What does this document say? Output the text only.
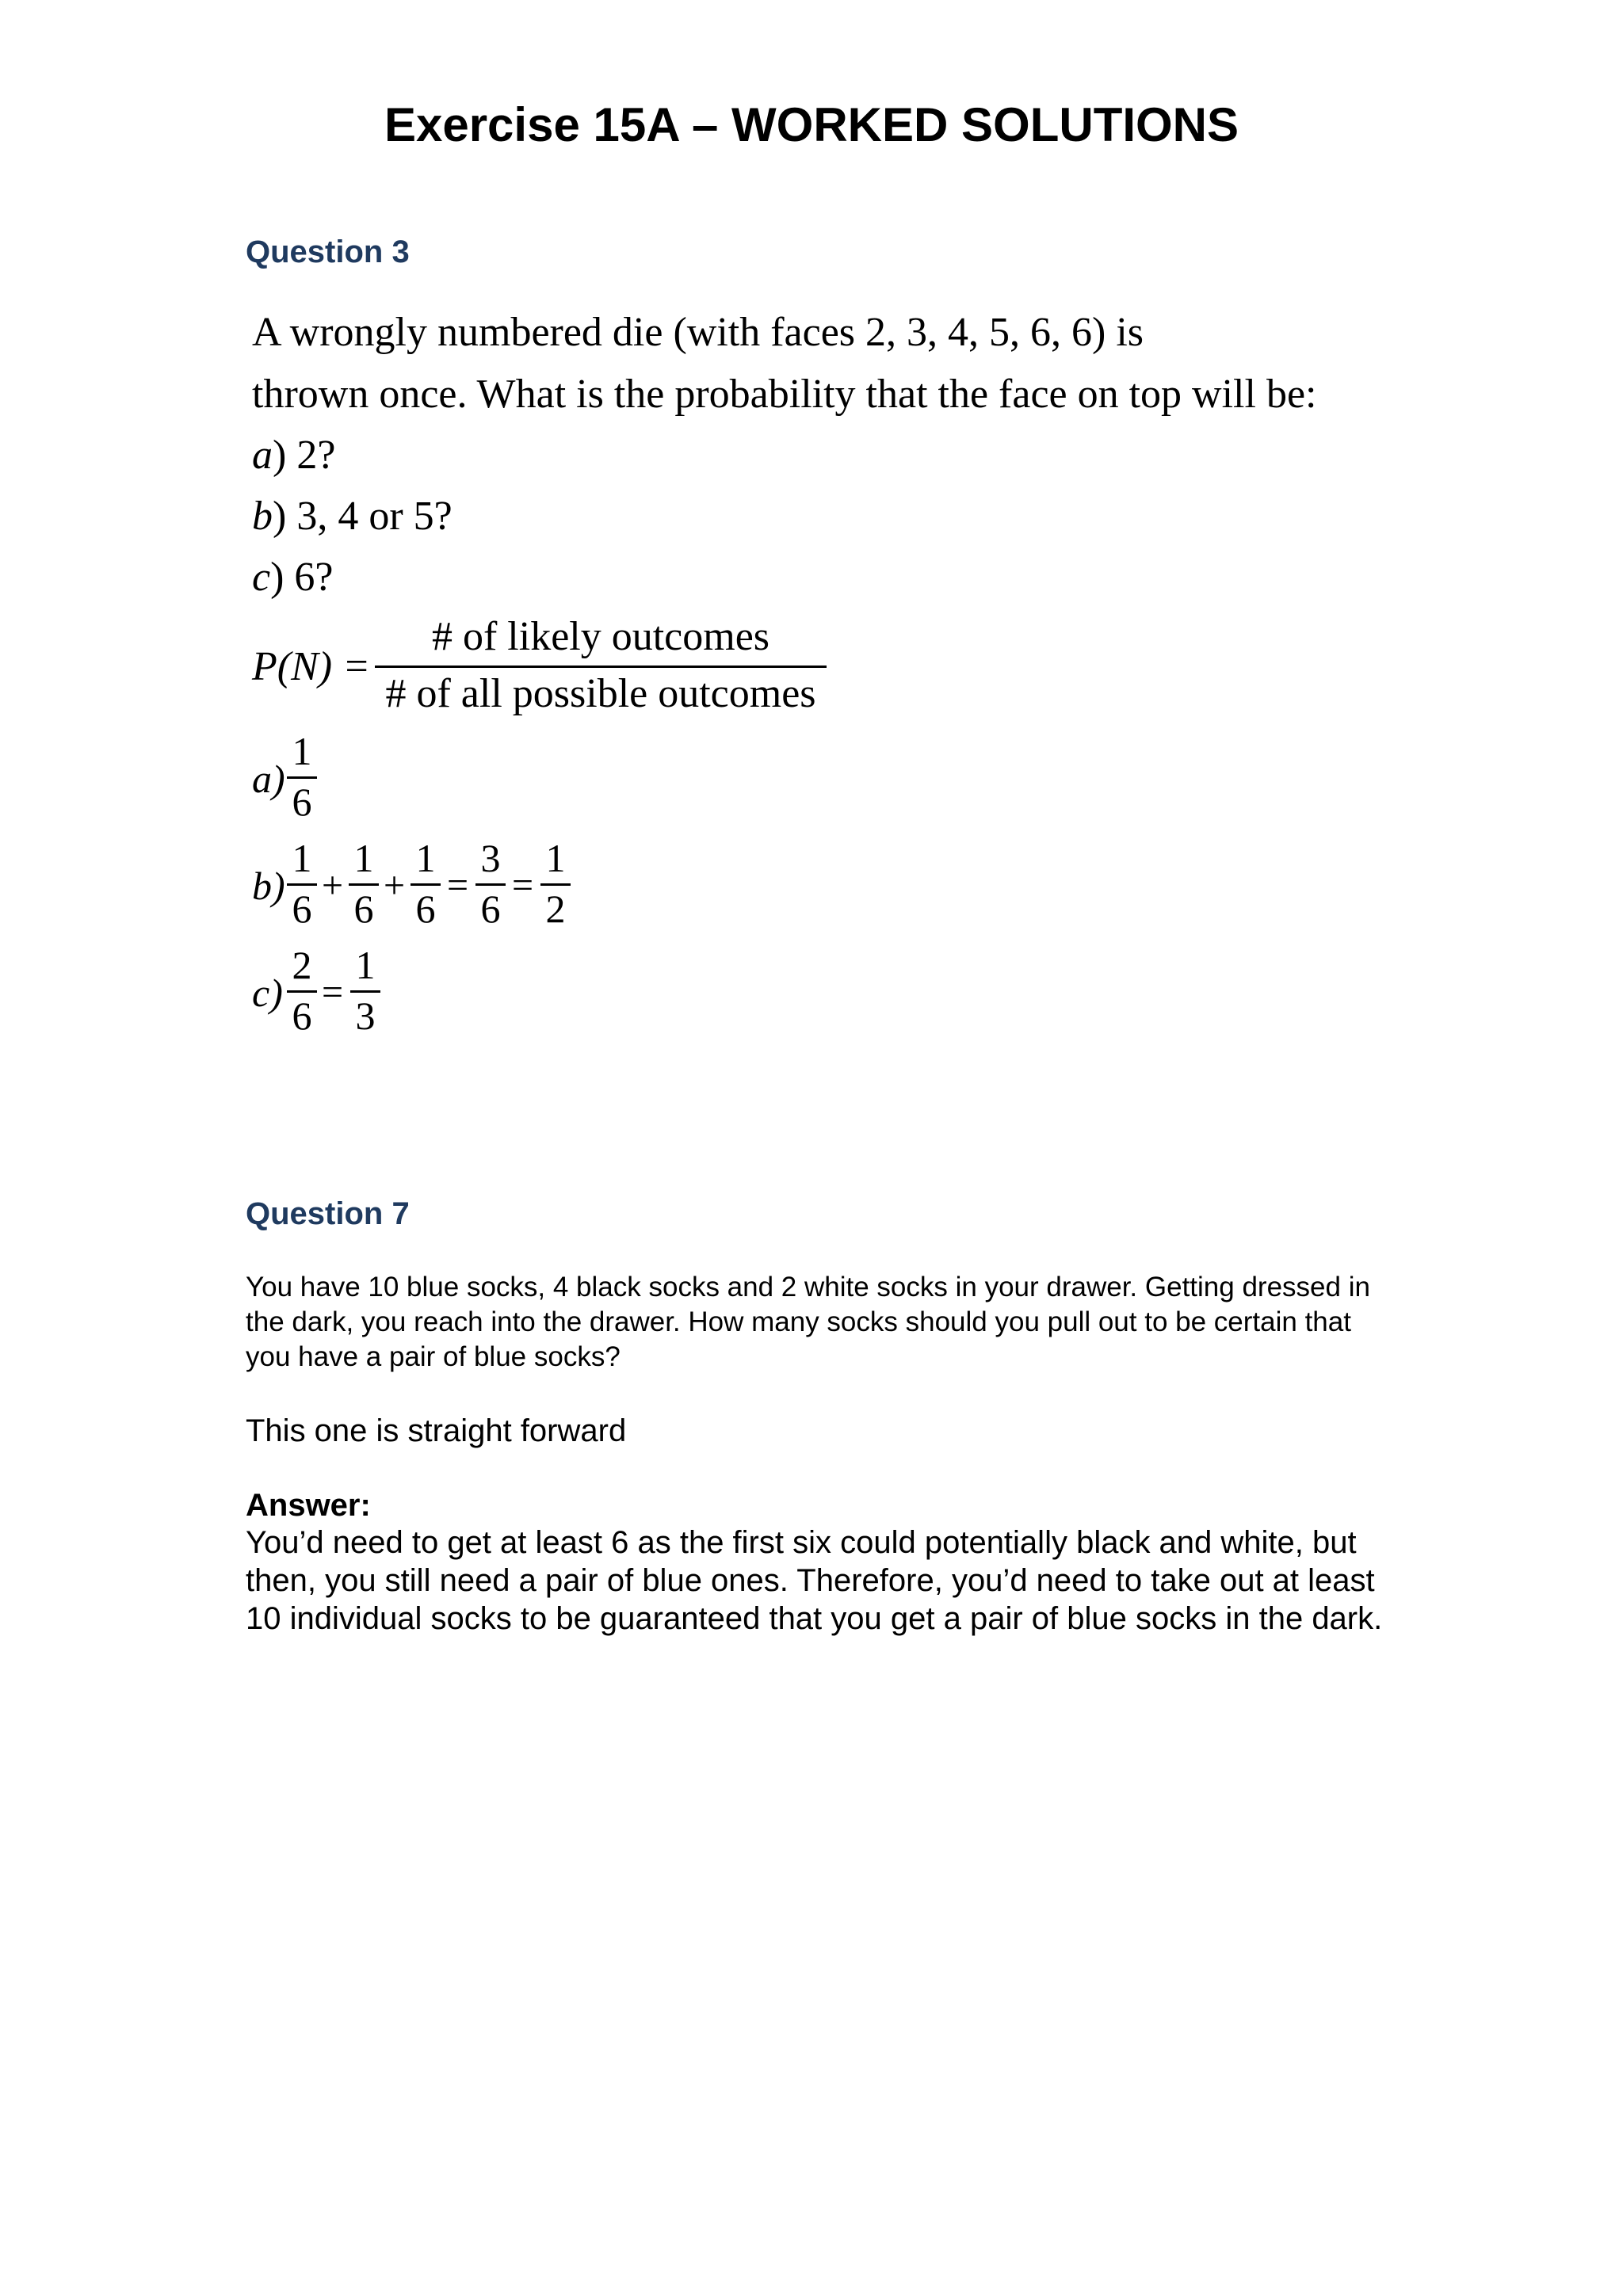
Exercise 15A – WORKED SOLUTIONS
Question 3
A wrongly numbered die (with faces 2, 3, 4, 5, 6, 6) is
thrown once. What is the probability that the face on top will be:
a) 2?
b) 3, 4 or 5?
c) 6?
P(N) =
# of likely outcomes
# of all possible outcomes
a)
1
6
b)
1
6
+
1
6
+
1
6
=
3
6
=
1
2
c)
2
6
=
1
3
Question 7
You have 10 blue socks, 4 black socks and 2 white socks in your drawer. Getting dressed in the dark, you reach into the drawer. How many socks should you pull out to be certain that you have a pair of blue socks?
This one is straight forward
Answer:
You’d need to get at least 6 as the first six could potentially black and white, but then, you still need a pair of blue ones. Therefore, you’d need to take out at least 10 individual socks to be guaranteed that you get a pair of blue socks in the dark.
